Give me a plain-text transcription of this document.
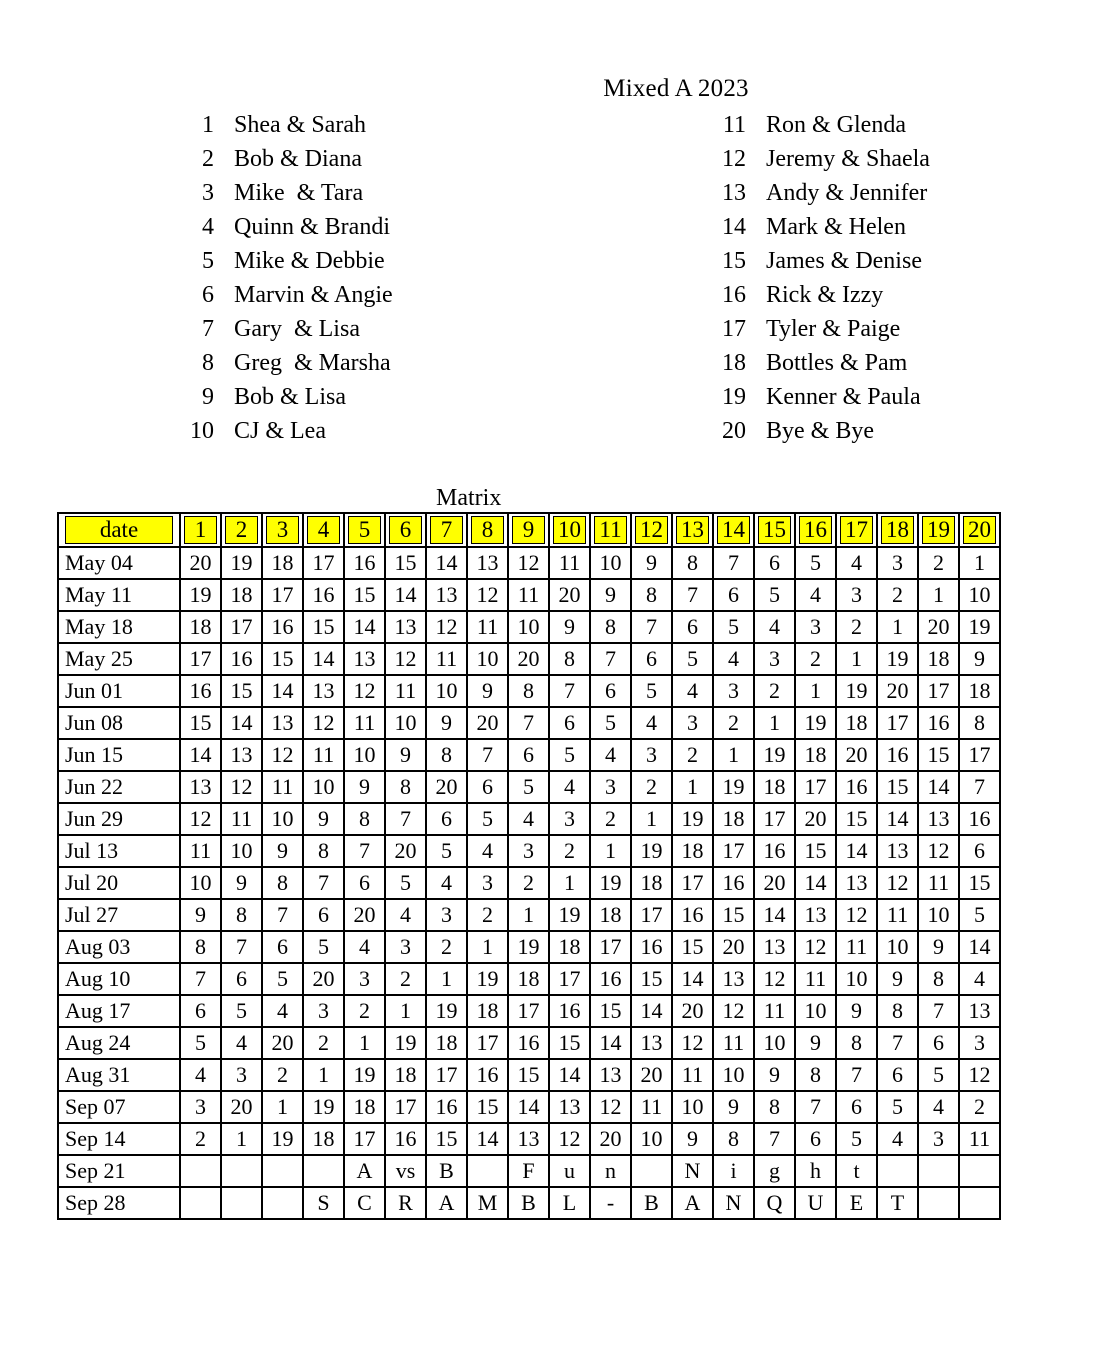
Mixed A 2023
1 Shea & Sarah
2 Bob & Diana
3 Mike  & Tara
4 Quinn & Brandi
5 Mike & Debbie
6 Marvin & Angie
7 Gary  & Lisa
8 Greg  & Marsha
9 Bob & Lisa
10 CJ & Lea
11 Ron & Glenda
12 Jeremy & Shaela
13 Andy & Jennifer
14 Mark & Helen
15 James & Denise
16 Rick & Izzy
17 Tyler & Paige
18 Bottles & Pam
19 Kenner & Paula
20 Bye & Bye
Matrix
date	1	2	3	4	5	6	7	8	9	10	11	12	13	14	15	16	17	18	19	20

May 04	20	19	18	17	16	15	14	13	12	11	10	9	8	7	6	5	4	3	2	1
May 11	19	18	17	16	15	14	13	12	11	20	9	8	7	6	5	4	3	2	1	10
May 18	18	17	16	15	14	13	12	11	10	9	8	7	6	5	4	3	2	1	20	19
May 25	17	16	15	14	13	12	11	10	20	8	7	6	5	4	3	2	1	19	18	9
Jun 01	16	15	14	13	12	11	10	9	8	7	6	5	4	3	2	1	19	20	17	18
Jun 08	15	14	13	12	11	10	9	20	7	6	5	4	3	2	1	19	18	17	16	8
Jun 15	14	13	12	11	10	9	8	7	6	5	4	3	2	1	19	18	20	16	15	17
Jun 22	13	12	11	10	9	8	20	6	5	4	3	2	1	19	18	17	16	15	14	7
Jun 29	12	11	10	9	8	7	6	5	4	3	2	1	19	18	17	20	15	14	13	16
Jul 13	11	10	9	8	7	20	5	4	3	2	1	19	18	17	16	15	14	13	12	6
Jul 20	10	9	8	7	6	5	4	3	2	1	19	18	17	16	20	14	13	12	11	15
Jul 27	9	8	7	6	20	4	3	2	1	19	18	17	16	15	14	13	12	11	10	5
Aug 03	8	7	6	5	4	3	2	1	19	18	17	16	15	20	13	12	11	10	9	14
Aug 10	7	6	5	20	3	2	1	19	18	17	16	15	14	13	12	11	10	9	8	4
Aug 17	6	5	4	3	2	1	19	18	17	16	15	14	20	12	11	10	9	8	7	13
Aug 24	5	4	20	2	1	19	18	17	16	15	14	13	12	11	10	9	8	7	6	3
Aug 31	4	3	2	1	19	18	17	16	15	14	13	20	11	10	9	8	7	6	5	12
Sep 07	3	20	1	19	18	17	16	15	14	13	12	11	10	9	8	7	6	5	4	2
Sep 14	2	1	19	18	17	16	15	14	13	12	20	10	9	8	7	6	5	4	3	11
Sep 21					A	vs	B		F	u	n		N	i	g	h	t			
Sep 28				S	C	R	A	M	B	L	-	B	A	N	Q	U	E	T		
